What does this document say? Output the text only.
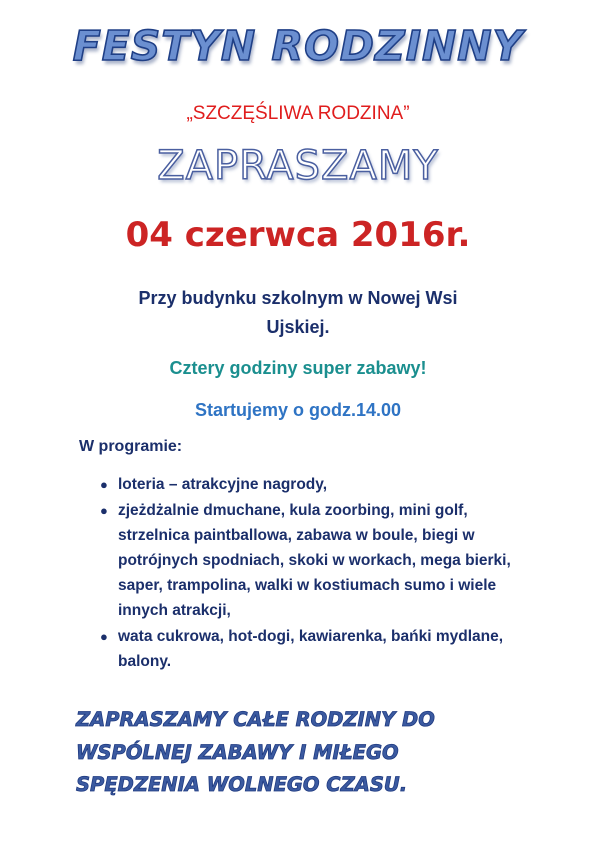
FESTYN RODZINNY
„SZCZĘŚLIWA RODZINA”
ZAPRASZAMY
04 czerwca 2016r.
Przy budynku szkolnym w Nowej Wsi
Ujskiej.
Cztery godziny super zabawy!
Startujemy o godz.14.00
W programie:
● loteria – atrakcyjne nagrody,
● zjeżdżalnie dmuchane, kula zoorbing, mini golf, strzelnica paintballowa, zabawa w boule, biegi w potrójnych spodniach, skoki w workach, mega bierki, saper, trampolina, walki w kostiumach sumo i wiele innych atrakcji,
● wata cukrowa, hot-dogi, kawiarenka, bańki mydlane, balony.
ZAPRASZAMY CAŁE RODZINY DO
WSPÓLNEJ ZABAWY I MIŁEGO
SPĘDZENIA WOLNEGO CZASU.
